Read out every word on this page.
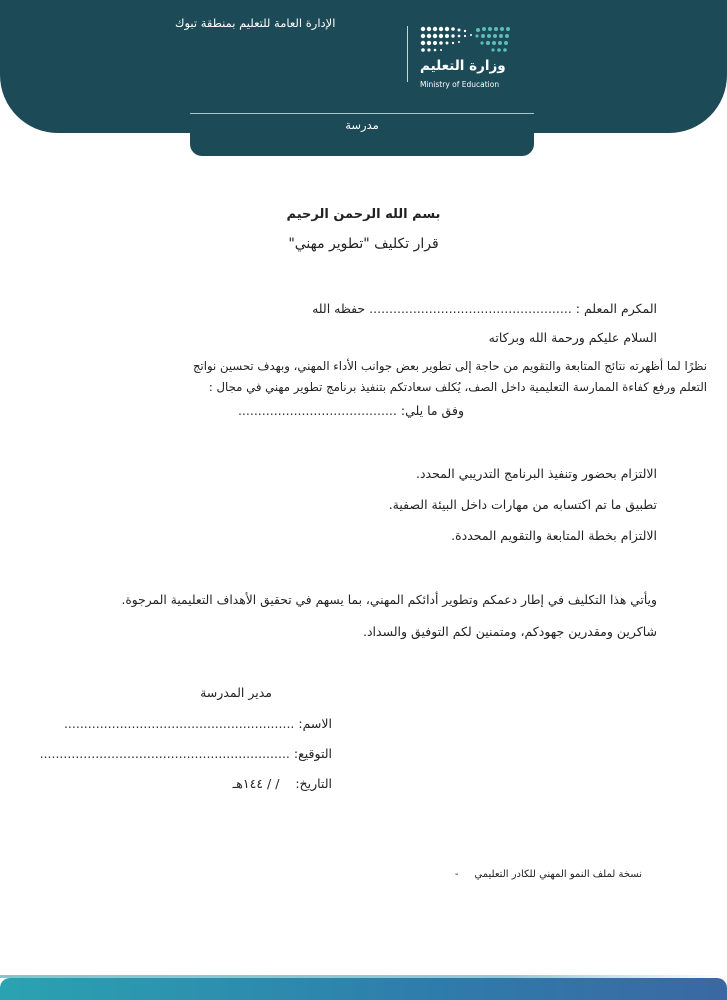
الإدارة العامة للتعليم بمنطقة تبوك
وزارة التعليم
Ministry of Education
مدرسة
بسم الله الرحمن الرحيم
قرار تكليف "تطوير مهني"
المكرم المعلم : ................................................... حفظه الله
السلام عليكم ورحمة الله وبركاته
نظرًا لما أظهرته نتائج المتابعة والتقويم من حاجة إلى تطوير بعض جوانب الأداء المهني، وبهدف تحسين نواتج
التعلم ورفع كفاءة الممارسة التعليمية داخل الصف، يُكلف سعادتكم بتنفيذ برنامج تطوير مهني في مجال :
وفق ما يلي: ........................................
الالتزام بحضور وتنفيذ البرنامج التدريبي المحدد.
تطبيق ما تم اكتسابه من مهارات داخل البيئة الصفية.
الالتزام بخطة المتابعة والتقويم المحددة.
ويأتي هذا التكليف في إطار دعمكم وتطوير أدائكم المهني، بما يسهم في تحقيق الأهداف التعليمية المرجوة.
شاكرين ومقدرين جهودكم، ومتمنين لكم التوفيق والسداد.
مدير المدرسة
الاسم: ..........................................................
التوقيع: ...............................................................
التاريخ:    / / ١٤٤هـ
نسخة لملف النمو المهني للكادر التعليمي     -
